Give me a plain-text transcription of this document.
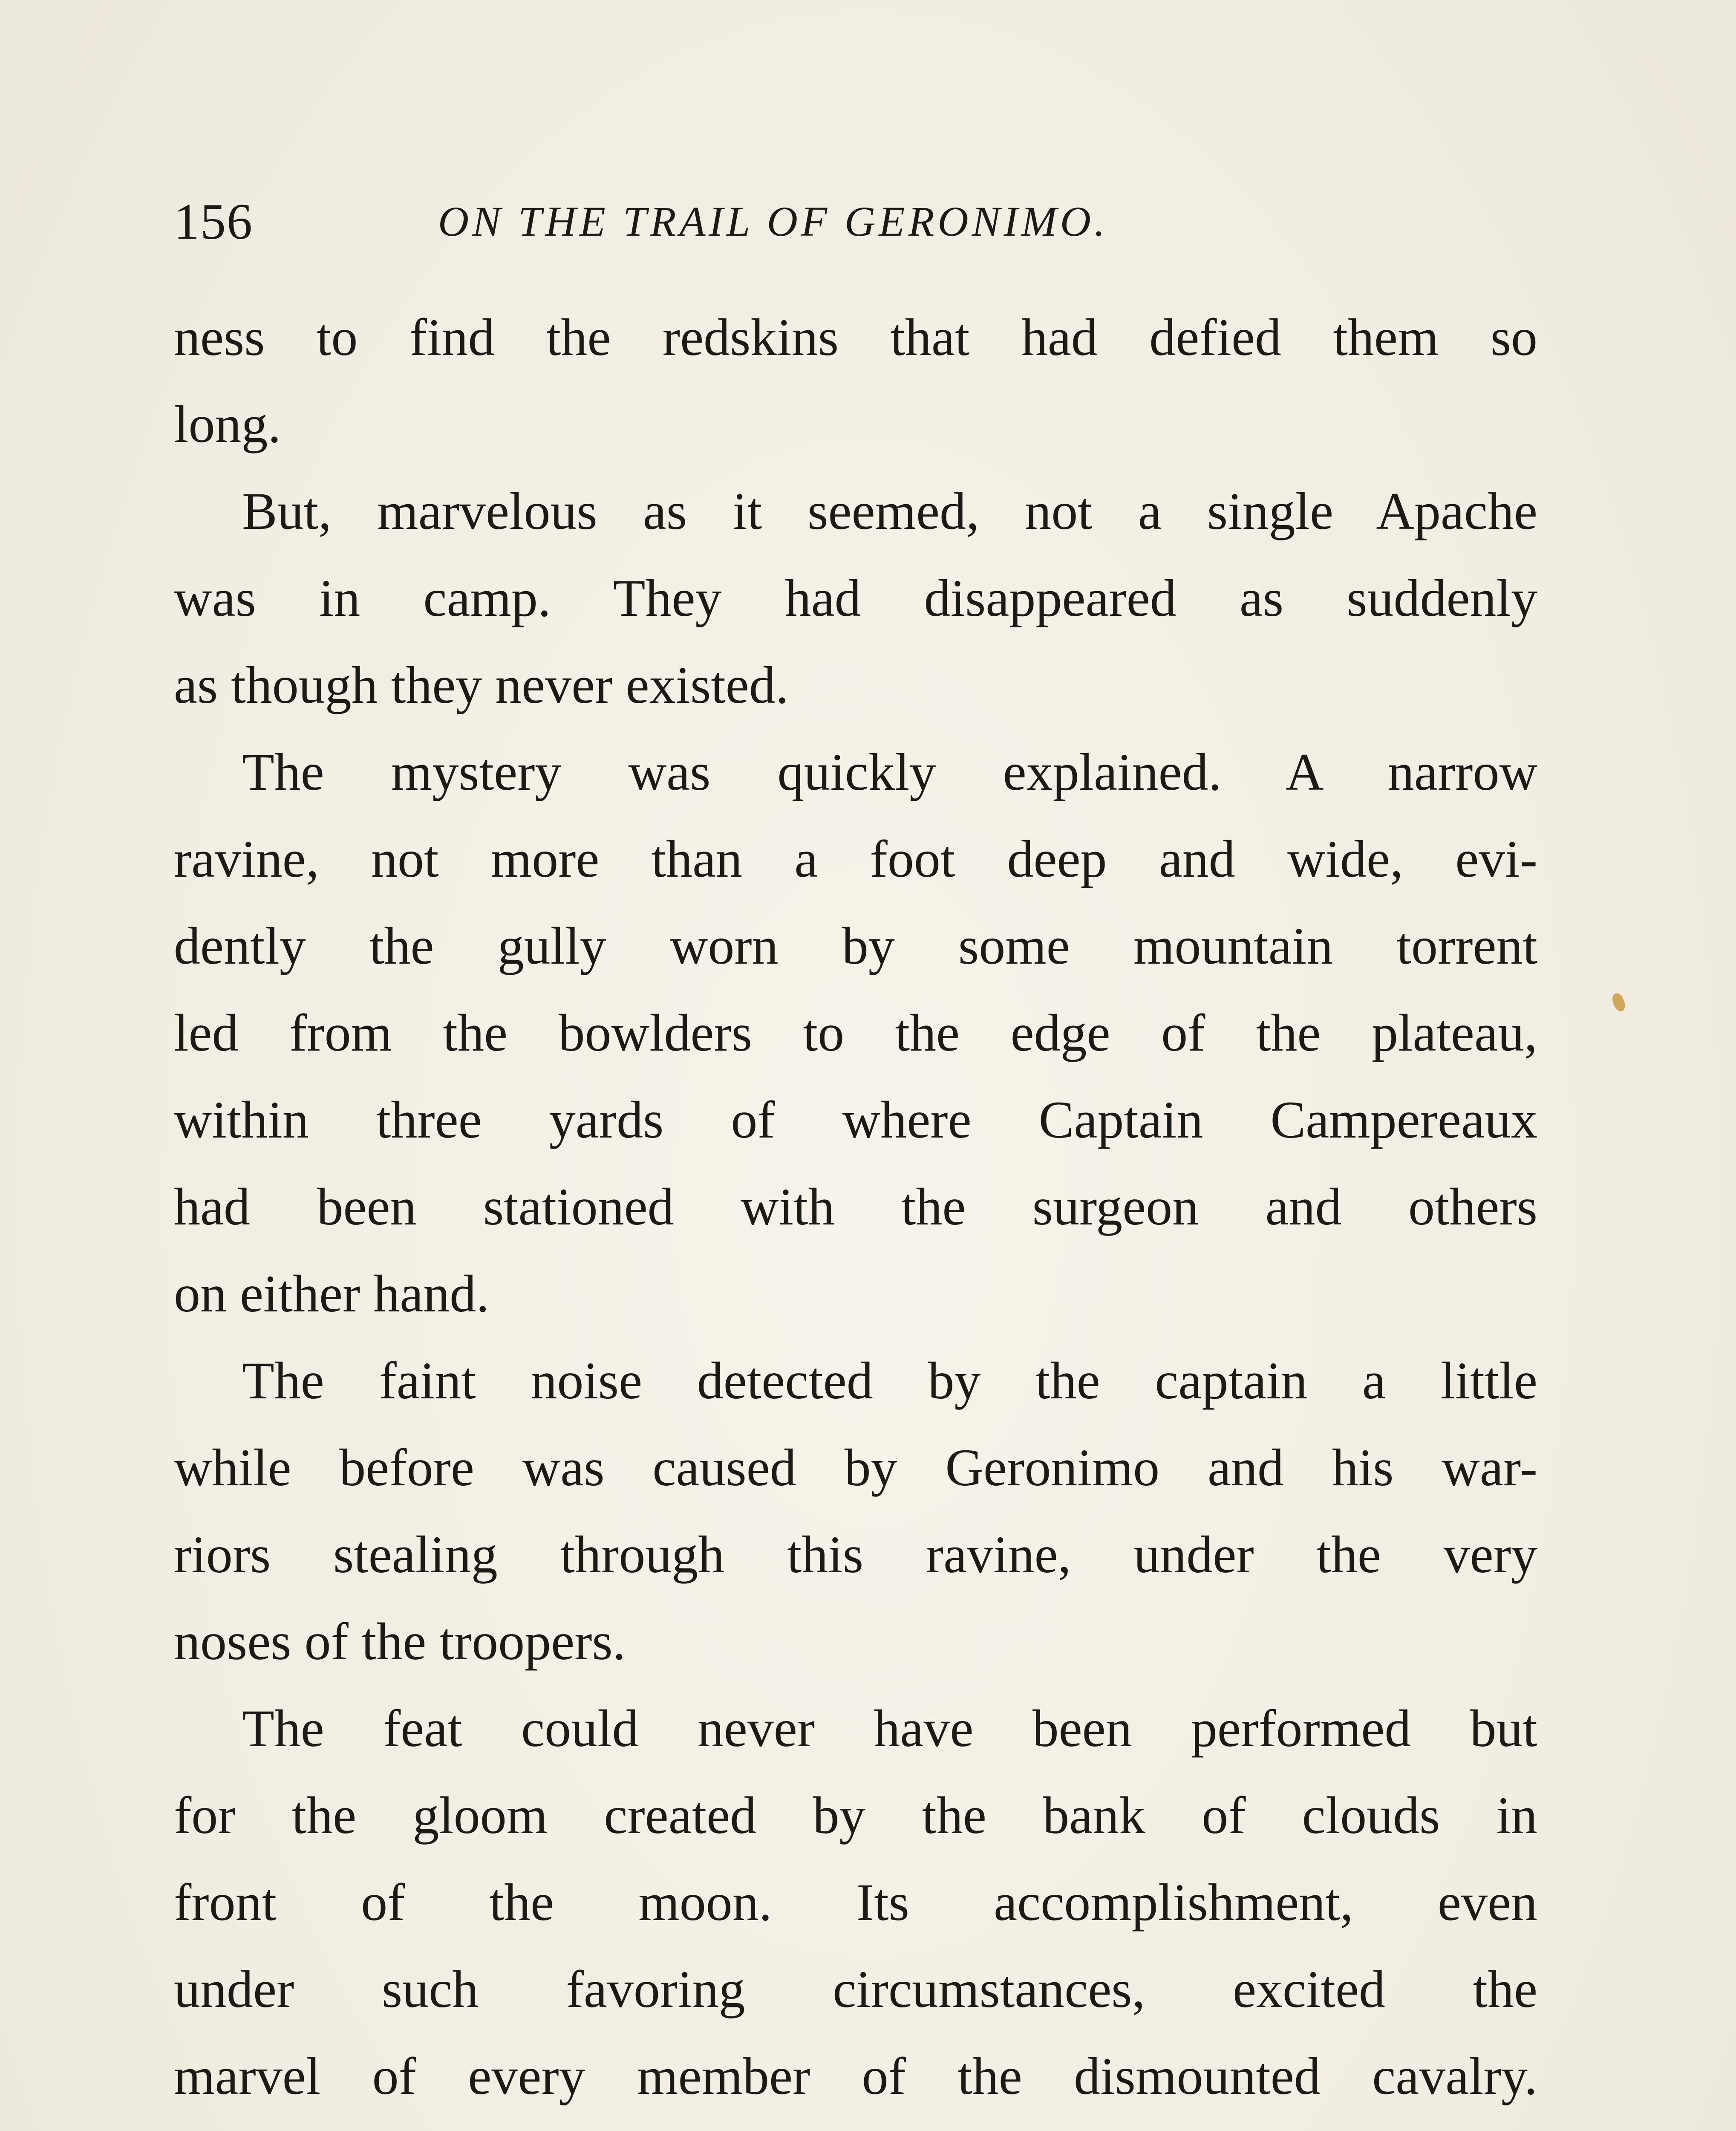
156	ON THE TRAIL OF GERONIMO.
ness to find the redskins that had defied them so
long.
But, marvelous as it seemed, not a single Apache
was in camp. They had disappeared as suddenly
as though they never existed.
The mystery was quickly explained. A narrow
ravine, not more than a foot deep and wide, evi-
dently the gully worn by some mountain torrent
led from the bowlders to the edge of the plateau,
within three yards of where Captain Campereaux
had been stationed with the surgeon and others
on either hand.
The faint noise detected by the captain a little
while before was caused by Geronimo and his war-
riors stealing through this ravine, under the very
noses of the troopers.
The feat could never have been performed but
for the gloom created by the bank of clouds in
front of the moon. Its accomplishment, even
under such favoring circumstances, excited the
marvel of every member of the dismounted cavalry.
